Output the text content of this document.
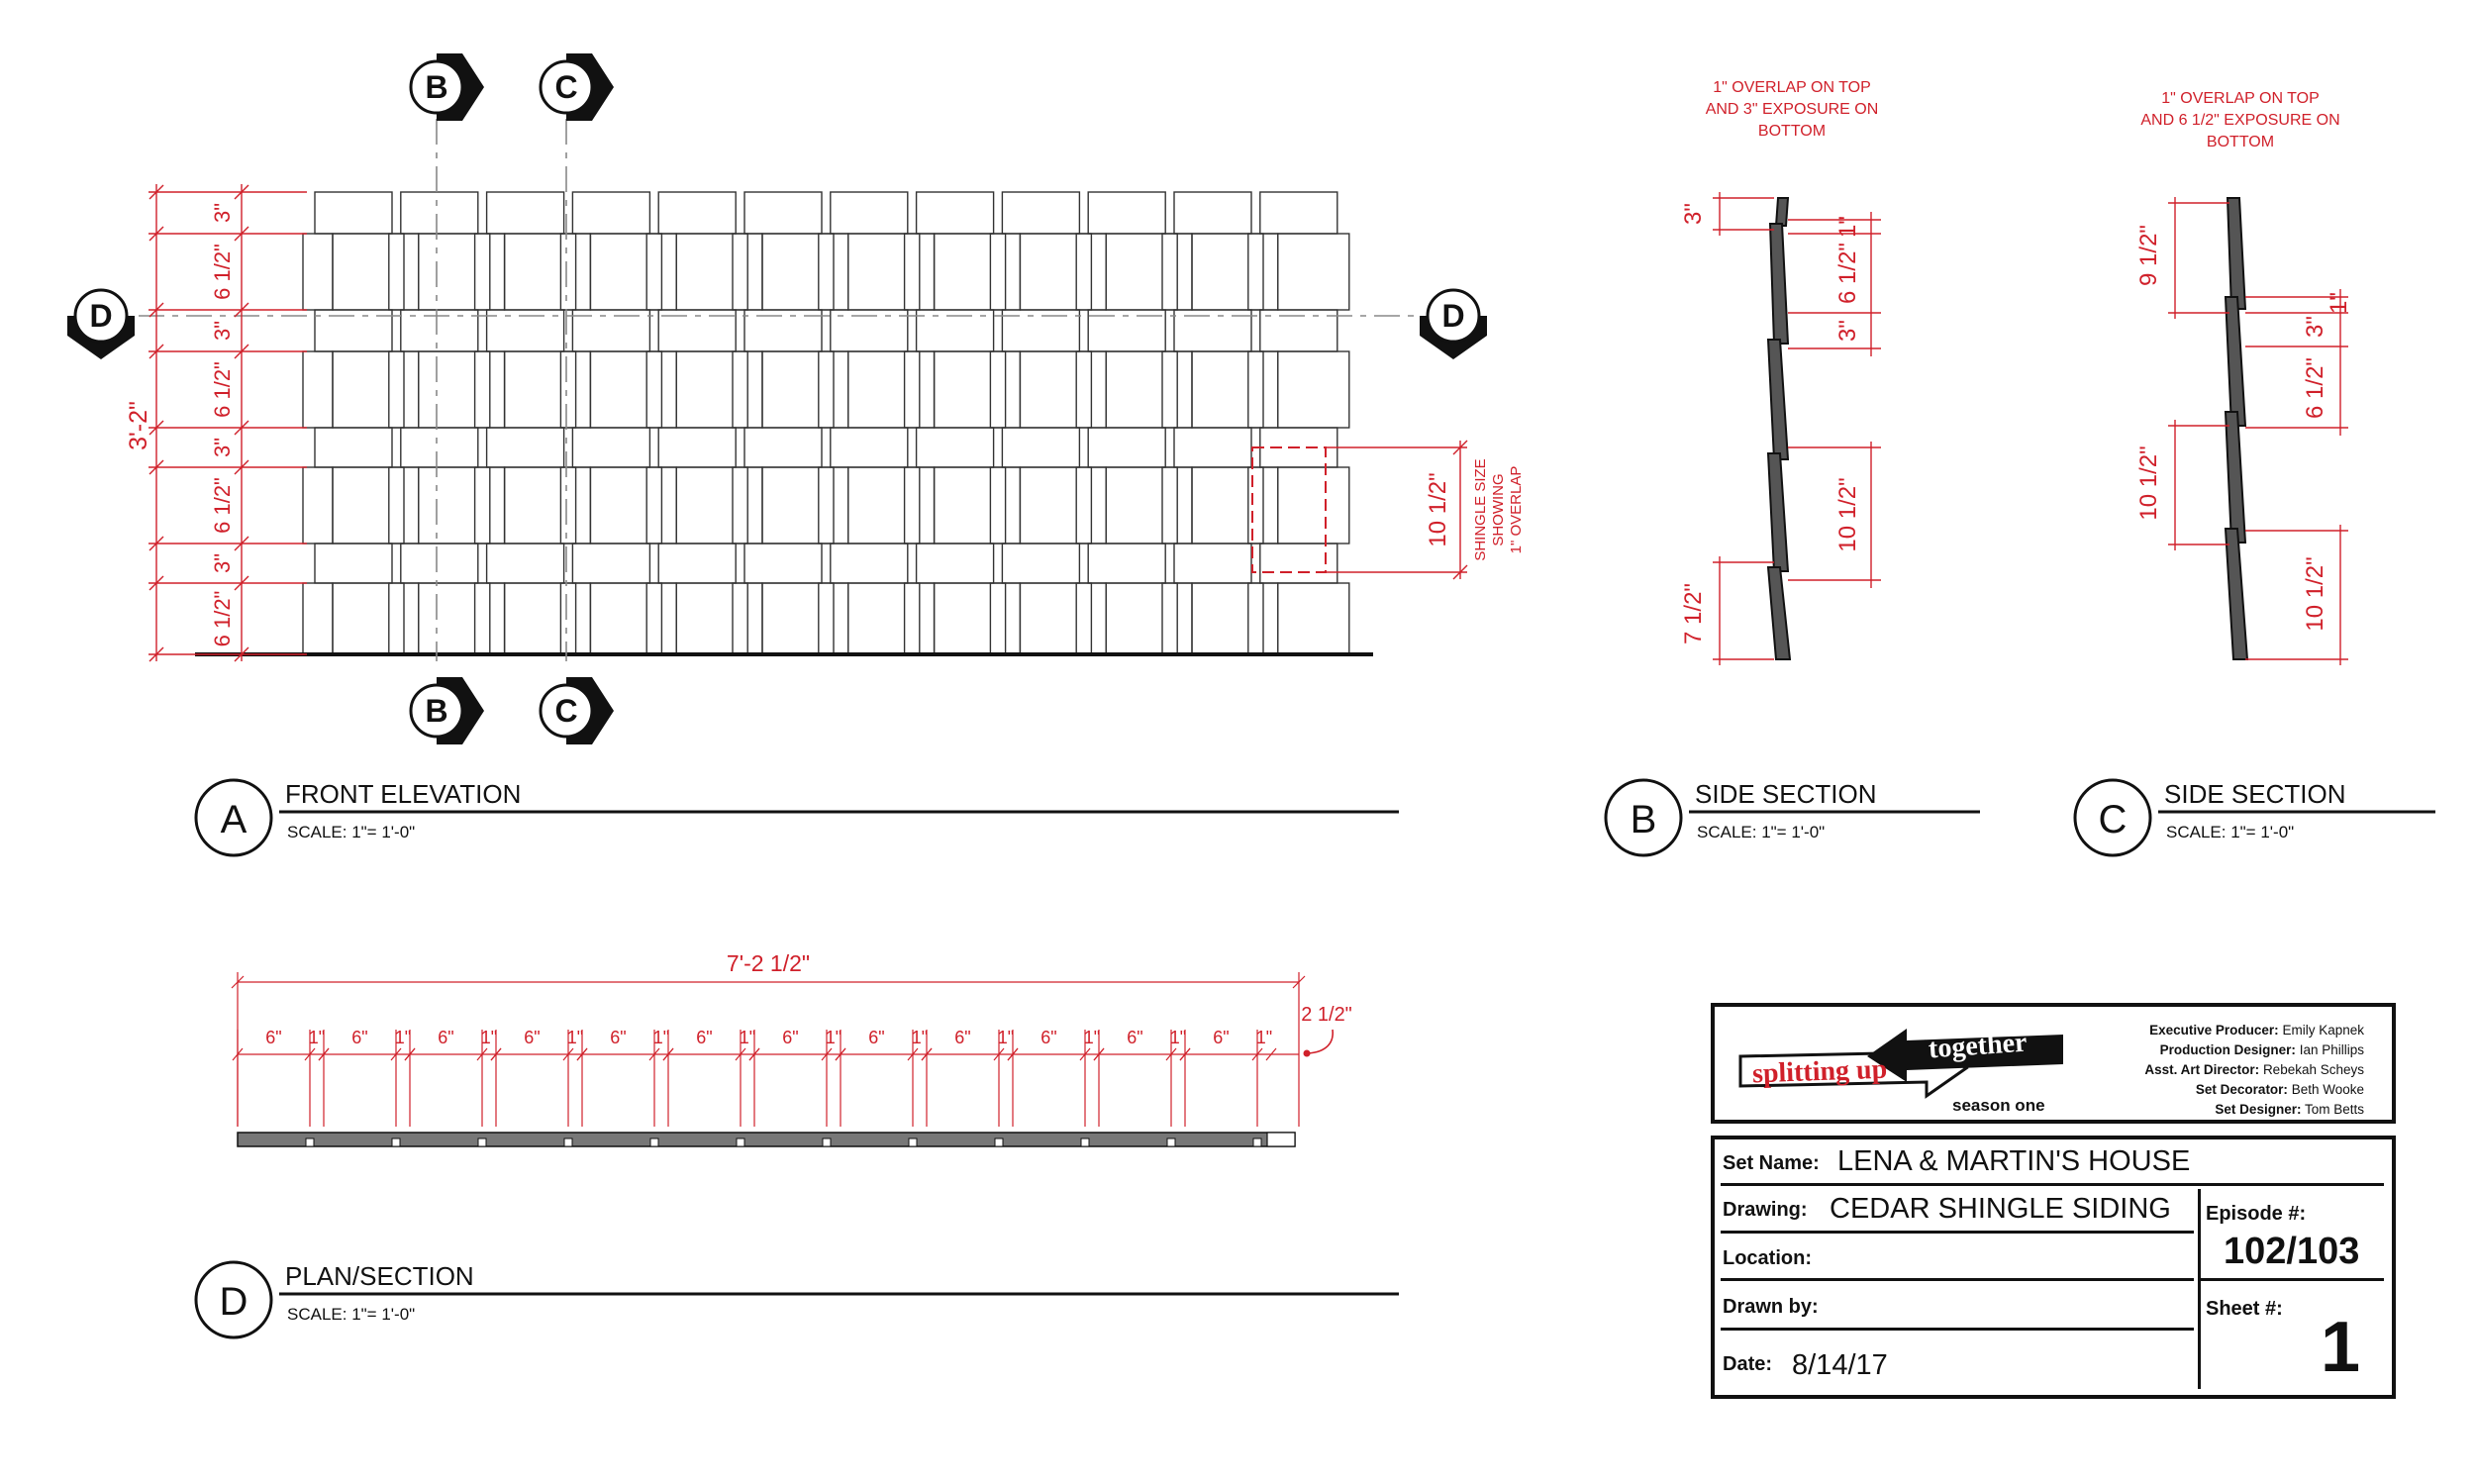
3"
6 1/2"
3"
6 1/2"
3"
6 1/2"
3"
6 1/2"
3'-2"
10 1/2" SHINGLE SIZE SHOWING 1" OVERLAP
B	C
B	C
D	D
1" OVERLAP ON TOP
AND 3" EXPOSURE ON
BOTTOM
3"
7 1/2"
1"
6 1/2"
3"
10 1/2"
1" OVERLAP ON TOP
AND 6 1/2" EXPOSURE ON
BOTTOM
9 1/2"
10 1/2"
3"
1"
6 1/2"
10 1/2"
6" 1" 6" 1" 6" 1" 6" 1" 6" 1" 6" 1" 6" 1" 6" 1" 6" 1" 6" 1" 6" 1" 6" 1"
7'-2 1/2"
2 1/2"
A
FRONT ELEVATION
SCALE: 1"= 1'-0"	B
SIDE SECTION
SCALE: 1"= 1'-0"	C
SIDE SECTION
SCALE: 1"= 1'-0"
D
PLAN/SECTION
SCALE: 1"= 1'-0"
splitting up
together
season one
Executive Producer: Emily Kapnek
Production Designer: Ian Phillips
Asst. Art Director: Rebekah Scheys
Set Decorator: Beth Wooke
Set Designer: Tom Betts
Set Name: LENA & MARTIN'S HOUSE
Drawing: CEDAR SHINGLE SIDING
Location:
Drawn by:
Date: 8/14/17
Episode #:
102/103
Sheet #: 1
